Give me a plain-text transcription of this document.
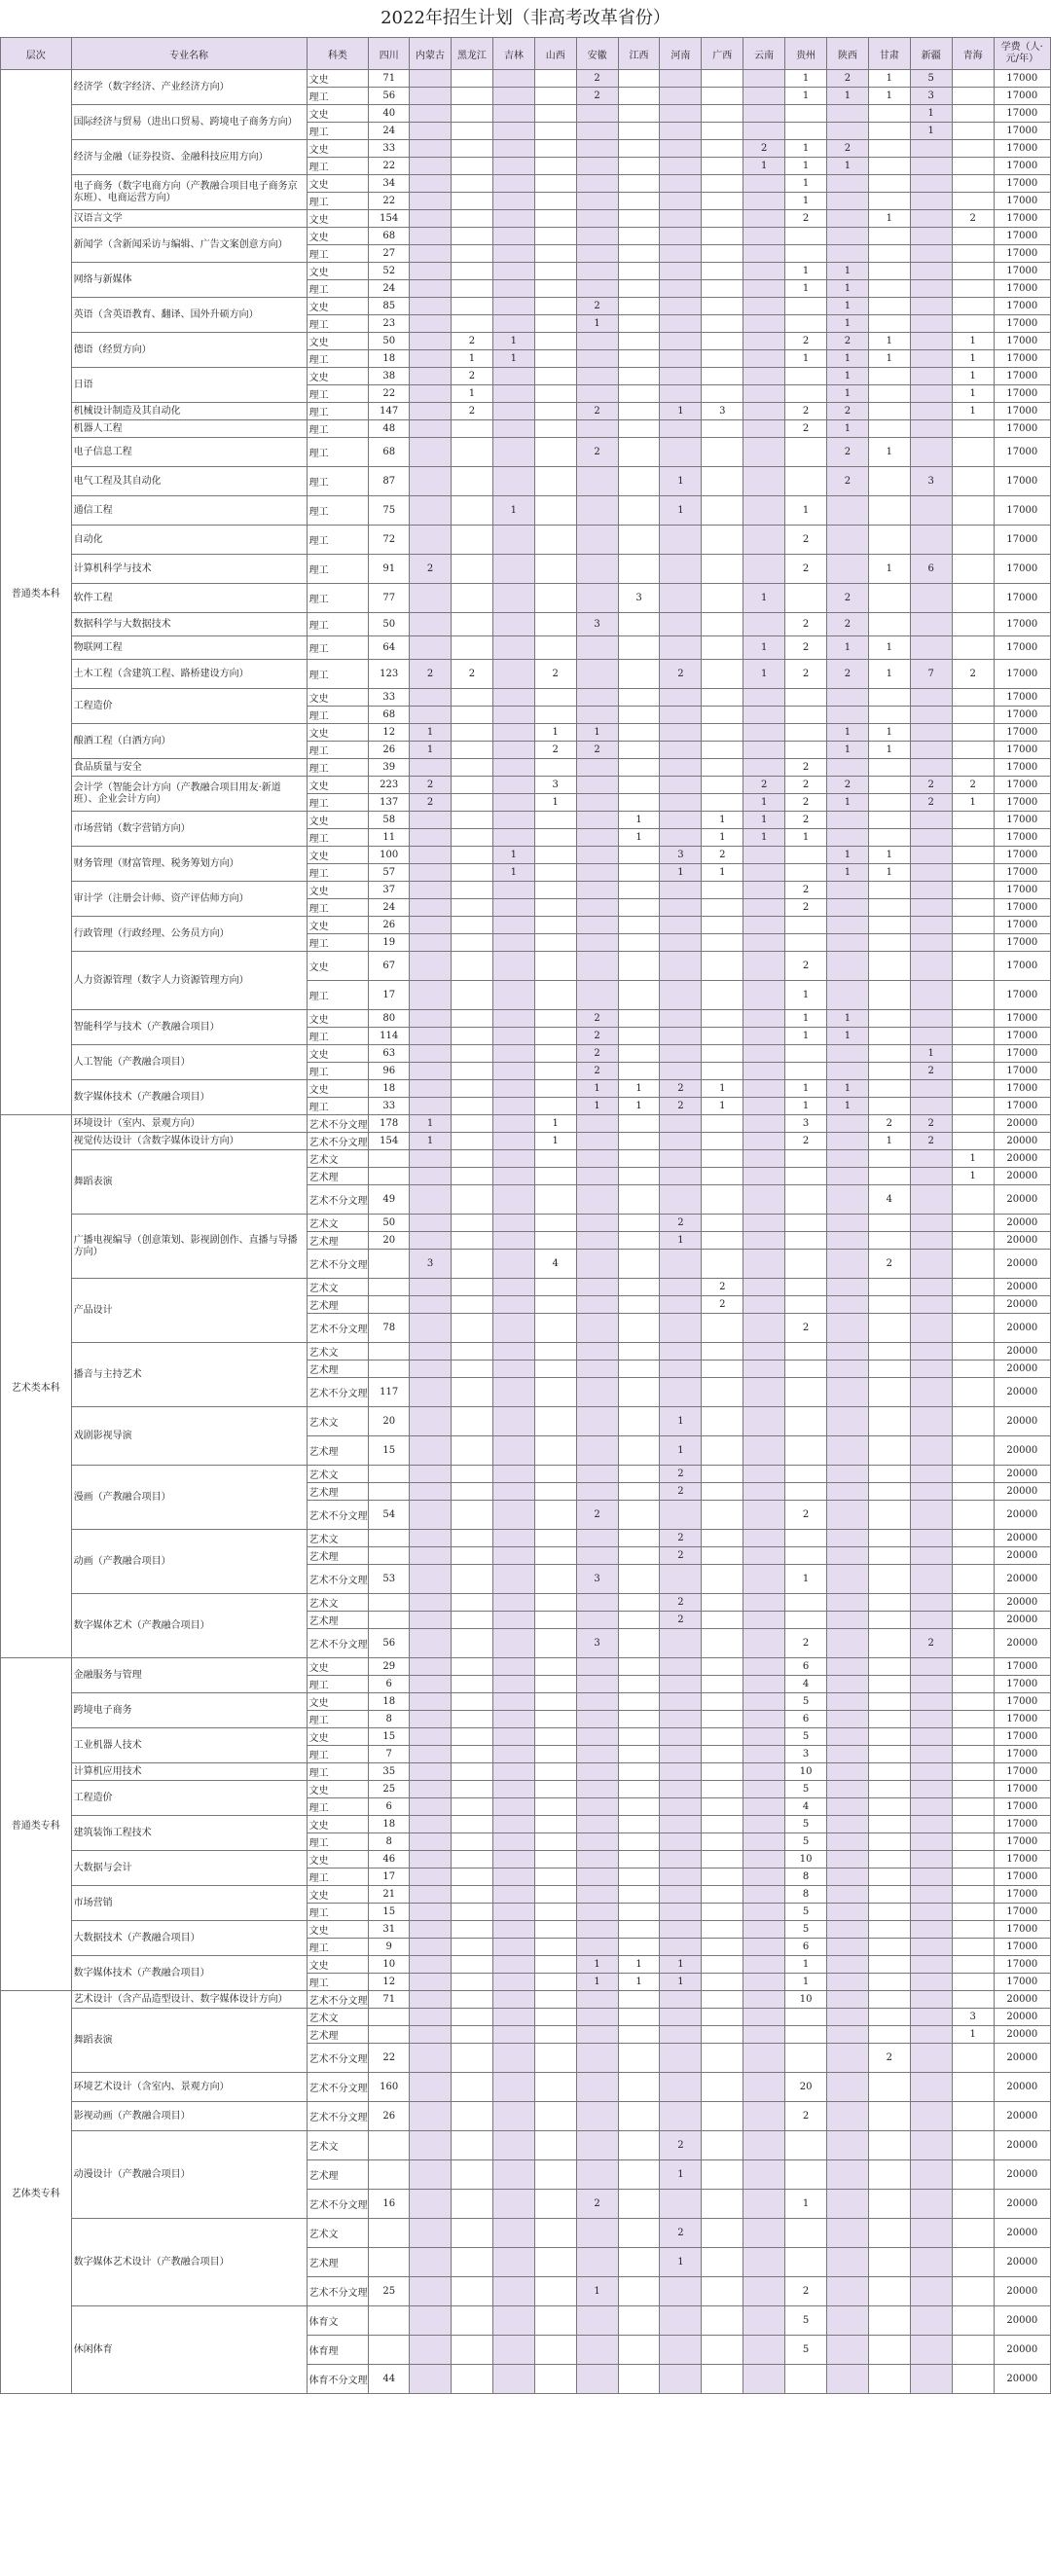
2022年招生计划（非高考改革省份）
层次	专业名称	科类	四川	内蒙古	黑龙江	吉林	山西	安徽	江西	河南	广西	云南	贵州	陕西	甘肃	新疆	青海	学费（人·元/年）
普通类本科	经济学（数字经济、产业经济方向）	文史	71					2					1	2	1	5		17000
		理工	56					2					1	1	1	3		17000
	国际经济与贸易（进出口贸易、跨境电子商务方向）	文史	40													1		17000
		理工	24													1		17000
	经济与金融（证券投资、金融科技应用方向）	文史	33									2	1	2				17000
		理工	22									1	1	1				17000
	电子商务（数字电商方向（产教融合项目电子商务京东班）、电商运营方向）	文史	34										1					17000
		理工	22										1					17000
	汉语言文学	文史	154										2		1		2	17000
	新闻学（含新闻采访与编辑、广告文案创意方向）	文史	68															17000
		理工	27															17000
	网络与新媒体	文史	52										1	1				17000
		理工	24										1	1				17000
	英语（含英语教育、翻译、国外升硕方向）	文史	85					2						1				17000
		理工	23					1						1				17000
	德语（经贸方向）	文史	50		2	1							2	2	1		1	17000
		理工	18		1	1							1	1	1		1	17000
	日语	文史	38		2									1			1	17000
		理工	22		1									1			1	17000
	机械设计制造及其自动化	理工	147		2			2		1	3		2	2			1	17000
	机器人工程	理工	48										2	1				17000
	电子信息工程	理工	68					2						2	1			17000
	电气工程及其自动化	理工	87							1				2		3		17000
	通信工程	理工	75			1				1			1					17000
	自动化	理工	72										2					17000
	计算机科学与技术	理工	91	2									2		1	6		17000
	软件工程	理工	77						3			1		2				17000
	数据科学与大数据技术	理工	50					3					2	2				17000
	物联网工程	理工	64									1	2	1	1			17000
	土木工程（含建筑工程、路桥建设方向）	理工	123	2	2		2			2		1	2	2	1	7	2	17000
	工程造价	文史	33															17000
		理工	68															17000
	酿酒工程（白酒方向）	文史	12	1			1	1						1	1			17000
		理工	26	1			2	2						1	1			17000
	食品质量与安全	理工	39										2					17000
	会计学（智能会计方向（产教融合项目用友·新道班）、企业会计方向）	文史	223	2			3					2	2	2		2	2	17000
		理工	137	2			1					1	2	1		2	1	17000
	市场营销（数字营销方向）	文史	58						1		1	1	2					17000
		理工	11						1		1	1	1					17000
	财务管理（财富管理、税务筹划方向）	文史	100			1				3	2			1	1			17000
		理工	57			1				1	1			1	1			17000
	审计学（注册会计师、资产评估师方向）	文史	37										2					17000
		理工	24										2					17000
	行政管理（行政经理、公务员方向）	文史	26															17000
		理工	19															17000
	人力资源管理（数字人力资源管理方向）	文史	67										2					17000
		理工	17										1					17000
	智能科学与技术（产教融合项目）	文史	80					2					1	1				17000
		理工	114					2					1	1				17000
	人工智能（产教融合项目）	文史	63					2								1		17000
		理工	96					2								2		17000
	数字媒体技术（产教融合项目）	文史	18					1	1	2	1		1	1				17000
		理工	33					1	1	2	1		1	1				17000
艺术类本科	环境设计（室内、景观方向）	艺术不分文理	178	1			1						3		2	2		20000
	视觉传达设计（含数字媒体设计方向）	艺术不分文理	154	1			1						2		1	2		20000
	舞蹈表演	艺术文															1	20000
		艺术理															1	20000
		艺术不分文理	49												4			20000
	广播电视编导（创意策划、影视剧创作、直播与导播方向）	艺术文	50							2								20000
		艺术理	20							1								20000
		艺术不分文理		3			4								2			20000
	产品设计	艺术文									2							20000
		艺术理									2							20000
		艺术不分文理	78										2					20000
	播音与主持艺术	艺术文																20000
		艺术理																20000
		艺术不分文理	117															20000
	戏剧影视导演	艺术文	20							1								20000
		艺术理	15							1								20000
	漫画（产教融合项目）	艺术文								2								20000
		艺术理								2								20000
		艺术不分文理	54					2					2					20000
	动画（产教融合项目）	艺术文								2								20000
		艺术理								2								20000
		艺术不分文理	53					3					1					20000
	数字媒体艺术（产教融合项目）	艺术文								2								20000
		艺术理								2								20000
		艺术不分文理	56					3					2			2		20000
普通类专科	金融服务与管理	文史	29										6					17000
		理工	6										4					17000
	跨境电子商务	文史	18										5					17000
		理工	8										6					17000
	工业机器人技术	文史	15										5					17000
		理工	7										3					17000
	计算机应用技术	理工	35										10					17000
	工程造价	文史	25										5					17000
		理工	6										4					17000
	建筑装饰工程技术	文史	18										5					17000
		理工	8										5					17000
	大数据与会计	文史	46										10					17000
		理工	17										8					17000
	市场营销	文史	21										8					17000
		理工	15										5					17000
	大数据技术（产教融合项目）	文史	31										5					17000
		理工	9										6					17000
	数字媒体技术（产教融合项目）	文史	10					1	1	1			1					17000
		理工	12					1	1	1			1					17000
艺体类专科	艺术设计（含产品造型设计、数字媒体设计方向）	艺术不分文理	71										10					20000
	舞蹈表演	艺术文															3	20000
		艺术理															1	20000
		艺术不分文理	22												2			20000
	环境艺术设计（含室内、景观方向）	艺术不分文理	160										20					20000
	影视动画（产教融合项目）	艺术不分文理	26										2					20000
	动漫设计（产教融合项目）	艺术文								2								20000
		艺术理								1								20000
		艺术不分文理	16					2					1					20000
	数字媒体艺术设计（产教融合项目）	艺术文								2								20000
		艺术理								1								20000
		艺术不分文理	25					1					2					20000
	休闲体育	体育文											5					20000
		体育理											5					20000
		体育不分文理	44															20000
